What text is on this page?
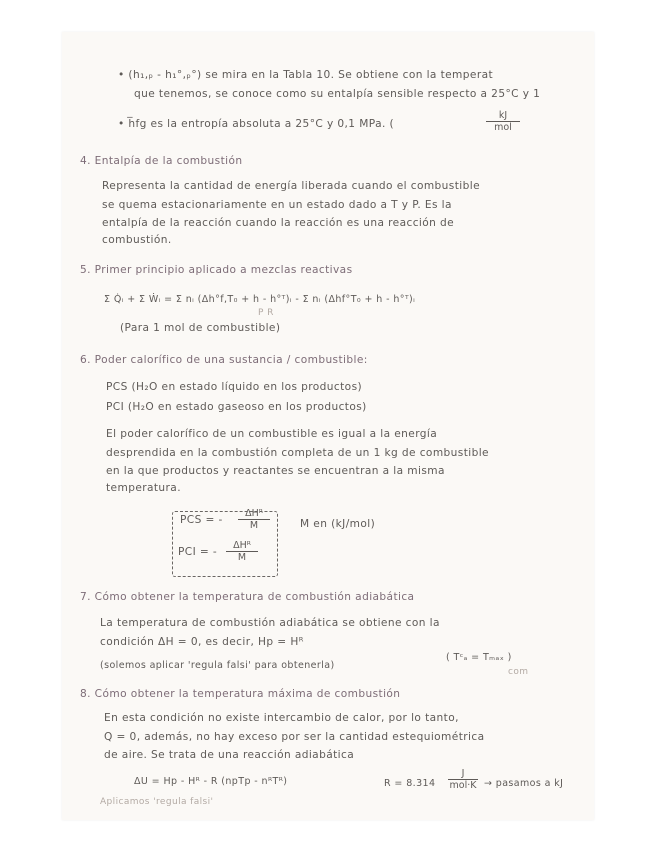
• (h₁,ₚ - h₁°,ₚ°) se mira en la Tabla 10. Se obtiene con la temperat
que tenemos, se conoce como su entalpía sensible respecto a 25°C y 1
• h̅fg es la entropía absoluta a 25°C y 0,1 MPa. (
kJ
mol
4. Entalpía de la combustión
Representa la cantidad de energía liberada cuando el combustible
se quema estacionariamente en un estado dado a T y P. Es la
entalpía de la reacción cuando la reacción es una reacción de
combustión.
5. Primer principio aplicado a mezclas reactivas
Σ Q̇ᵢ + Σ Ẇᵢ = Σ nᵢ (Δh°f,T₀ + h - h°ᵀ)ᵢ - Σ nᵢ (Δhf°T₀ + h - h°ᵀ)ᵢ
P R
(Para 1 mol de combustible)
6. Poder calorífico de una sustancia / combustible:
PCS (H₂O en estado líquido en los productos)
PCI (H₂O en estado gaseoso en los productos)
El poder calorífico de un combustible es igual a la energía
desprendida en la combustión completa de un 1 kg de combustible
en la que productos y reactantes se encuentran a la misma
temperatura.
PCS = -
ΔHᴿ
M
PCI = -
ΔHᴿ
M
M en (kJ/mol)
7. Cómo obtener la temperatura de combustión adiabática
La temperatura de combustión adiabática se obtiene con la
condición ΔH = 0, es decir, Hp = Hᴿ
(solemos aplicar 'regula falsi' para obtenerla)
( Tᶜₐ = Tₘₐₓ )
com
8. Cómo obtener la temperatura máxima de combustión
En esta condición no existe intercambio de calor, por lo tanto,
Q = 0, además, no hay exceso por ser la cantidad estequiométrica
de aire. Se trata de una reacción adiabática
ΔU = Hp - Hᴿ - R (npTp - nᴿTᴿ)	R = 8.314
J
mol·K → pasamos a kJ
Aplicamos 'regula falsi'
